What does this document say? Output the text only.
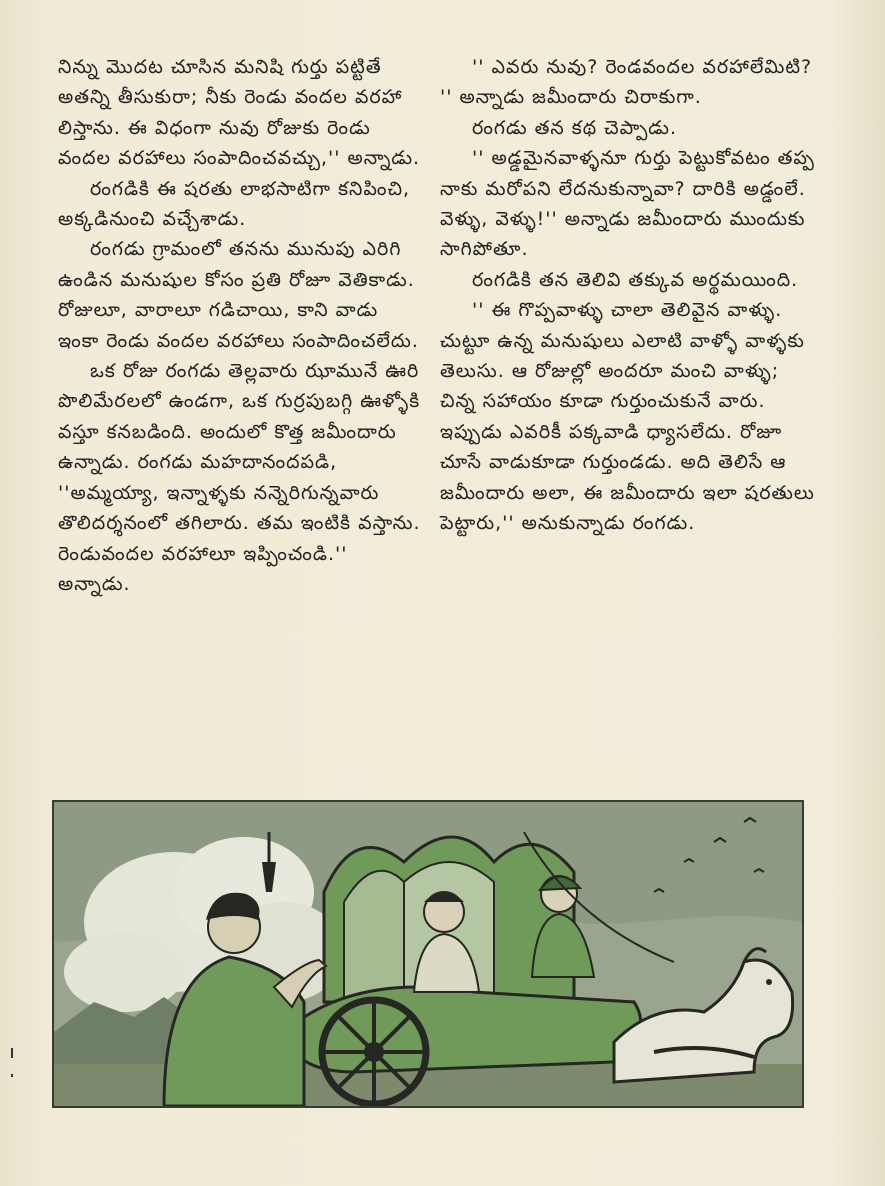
నిన్ను మొదట చూసిన మనిషి గుర్తు పట్టితే అతన్ని తీసుకురా; నీకు రెండు వందల వరహా లిస్తాను. ఈ విధంగా నువు రోజుకు రెండు వందల వరహాలు సంపాదించవచ్చు,'' అన్నాడు.

రంగడికి ఈ షరతు లాభసాటిగా కనిపించి, అక్కడినుంచి వచ్చేశాడు.

రంగడు గ్రామంలో తనను మునుపు ఎరిగి ఉండిన మనుషుల కోసం ప్రతి రోజూ వెతికాడు. రోజులూ, వారాలూ గడిచాయి, కాని వాడు ఇంకా రెండు వందల వరహాలు సంపాదించలేదు.

ఒక రోజు రంగడు తెల్లవారు ఝామునే ఊరి పొలిమేరలలో ఉండగా, ఒక గుర్రపుబగ్గి ఊళ్ళోకి వస్తూ కనబడింది. అందులో కొత్త జమీందారు ఉన్నాడు. రంగడు మహదానందపడి, ''అమ్మయ్యా, ఇన్నాళ్ళకు నన్నెరిగున్నవారు తొలిదర్శనంలో తగిలారు. తమ ఇంటికి వస్తాను. రెండువందల వరహాలూ ఇప్పించండి.'' అన్నాడు.

'' ఎవరు నువు? రెండవందల వరహాలేమిటి? '' అన్నాడు జమీందారు చిరాకుగా.

రంగడు తన కథ చెప్పాడు.

'' అడ్డమైనవాళ్ళనూ గుర్తు పెట్టుకోవటం తప్ప నాకు మరోపని లేదనుకున్నావా? దారికి అడ్డంలే. వెళ్ళు, వెళ్ళు!'' అన్నాడు జమీందారు ముందుకు సాగిపోతూ.

రంగడికి తన తెలివి తక్కువ అర్థమయింది.

'' ఈ గొప్పవాళ్ళు చాలా తెలివైన వాళ్ళు. చుట్టూ ఉన్న మనుషులు ఎలాటి వాళ్ళో వాళ్ళకు తెలుసు. ఆ రోజుల్లో అందరూ మంచి వాళ్ళు; చిన్న సహాయం కూడా గుర్తుంచుకునే వారు. ఇప్పుడు ఎవరికీ పక్కవాడి ధ్యాసలేదు. రోజూ చూసే వాడుకూడా గుర్తుండడు. అది తెలిసే ఆ జమీందారు అలా, ఈ జమీందారు ఇలా షరతులు పెట్టారు,'' అనుకున్నాడు రంగడు.
